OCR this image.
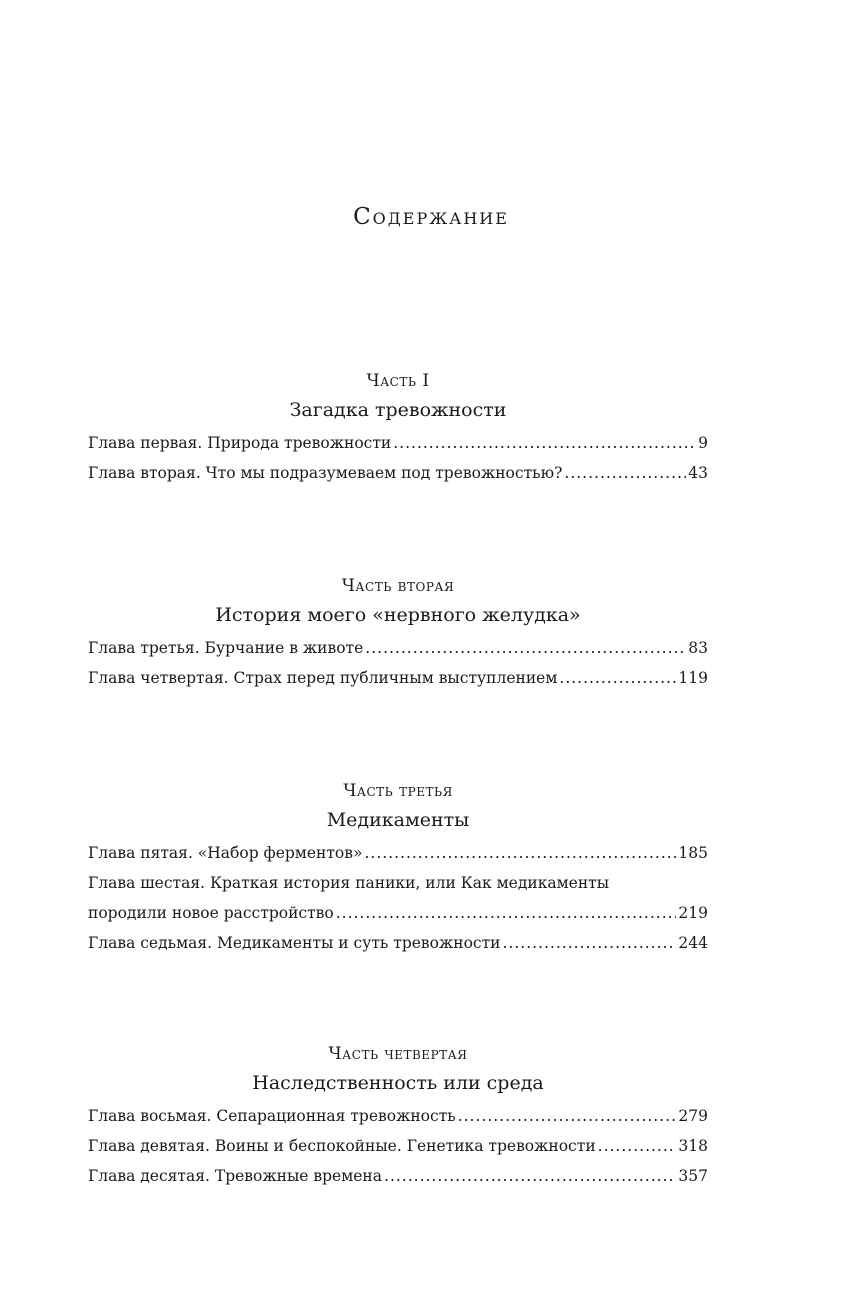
Содержание
Часть I
Загадка тревожности
Глава первая. Природа тревожности .....	9
Глава вторая. Что мы подразумеваем под тревожностью? .....	43
Часть вторая
История моего «нервного желудка»
Глава третья. Бурчание в животе .....	83
Глава четвертая. Страх перед публичным выступлением .....	119
Часть третья
Медикаменты
Глава пятая. «Набор ферментов» .....	185
Глава шестая. Краткая история паники, или Как медикаменты
породили новое расстройство .....	219
Глава седьмая. Медикаменты и суть тревожности .....	244
Часть четвертая
Наследственность или среда
Глава восьмая. Сепарационная тревожность .....	279
Глава девятая. Воины и беспокойные. Генетика тревожности .....	318
Глава десятая. Тревожные времена .....	357
